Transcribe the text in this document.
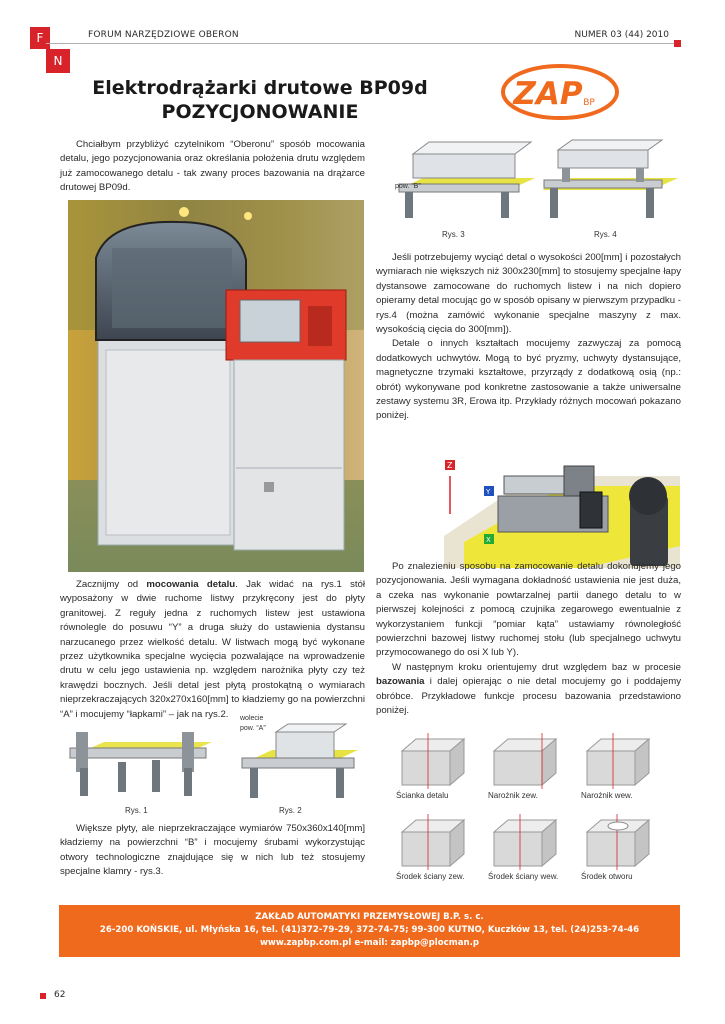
F
N
FORUM NARZĘDZIOWE OBERON	NUMER 03 (44) 2010
Elektrodrążarki drutowe BP09d
POZYCJONOWANIE	ZAP BP

Chciałbym przybliżyć czytelnikom “Oberonu” sposób mocowania detalu, jego pozycjonowania oraz określania położenia drutu względem już zamocowanego detalu - tak zwany proces bazowania na drążarce drutowej BP09d.

Zacznijmy od mocowania detalu. Jak widać na rys.1 stół wyposażony w dwie ruchome listwy przykręcony jest do płyty granitowej. Z reguły jedna z ruchomych listew jest ustawiona równolegle do posuwu “Y” a druga służy do ustawienia dystansu narzucanego przez wielkość detalu. W listwach mogą być wykonane przez użytkownika specjalne wycięcia pozwalające na wprowadzenie drutu w celu jego ustawienia np. względem narożnika płyty czy też krawędzi bocznych. Jeśli detal jest płytą prostokątną o wymiarach nieprzekraczających 320x270x160[mm] to kładziemy go na powierzchni “A” i mocujemy “łapkami” – jak na rys.2.

Rys. 1
wolecie
pow. “A”
Rys. 2

Większe płyty, ale nieprzekraczające wymiarów 750x360x140[mm] kładziemy na powierzchni “B” i mocujemy śrubami wykorzystując otwory technologiczne znajdujące się w nich lub też stosujemy specjalne klamry - rys.3.

pow. “B”
Rys. 3	Rys. 4

Jeśli potrzebujemy wyciąć detal o wysokości 200[mm] i pozostałych wymiarach nie większych niż 300x230[mm] to stosujemy specjalne łapy dystansowe zamocowane do ruchomych listew i na nich dopiero opieramy detal mocując go w sposób opisany w pierwszym przypadku - rys.4 (można zamówić wykonanie specjalne maszyny z max. wysokością cięcia do 300[mm]).

Detale o innych kształtach mocujemy zazwyczaj za pomocą dodatkowych uchwytów. Mogą to być pryzmy, uchwyty dystansujące, magnetyczne trzymaki kształtowe, przyrządy z dodatkową osią (np.: obrót) wykonywane pod konkretne zastosowanie a także uniwersalne zestawy systemu 3R, Erowa itp. Przykłady różnych mocowań pokazano poniżej.

Z
Y
X

Po znalezieniu sposobu na zamocowanie detalu dokonujemy jego pozycjonowania. Jeśli wymagana dokładność ustawienia nie jest duża, a czeka nas wykonanie powtarzalnej partii danego detalu to w pierwszej kolejności z pomocą czujnika zegarowego ewentualnie z wykorzystaniem funkcji “pomiar kąta” ustawiamy równoległość powierzchni bazowej listwy ruchomej stołu (lub specjalnego uchwytu przymocowanego do osi X lub Y).

W następnym kroku orientujemy drut względem baz w procesie bazowania i dalej opierając o nie detal mocujemy go i poddajemy obróbce. Przykładowe funkcje procesu bazowania przedstawiono poniżej.

Ścianka detalu	Narożnik zew.	Narożnik wew.
Środek ściany zew.	Środek ściany wew.	Środek otworu
ZAKŁAD AUTOMATYKI PRZEMYSŁOWEJ B.P. s. c.
26-200 KOŃSKIE, ul. Młyńska 16, tel. (41)372-79-29, 372-74-75; 99-300 KUTNO, Kuczków 13, tel. (24)253-74-46
www.zapbp.com.pl e-mail: zapbp@plocman.p
62
